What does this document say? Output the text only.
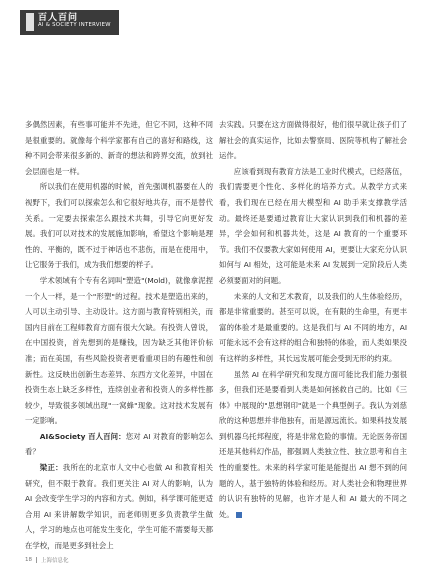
百人百问
AI & SOCIETY INTERVIEW

多偶然因素，有些事可能并不先进，但它不同，这种不同是很重要的。就像每个科学家都有自己的喜好和路线，这种不同会带来很多新的、新奇的想法和跨界交流，放到社会层面也是一样。

所以我们在使用机器的时候，首先强调机器要在人的视野下，我们可以探索怎么和它很好地共存，而不是替代关系。一定要去探索怎么跟技术共舞，引导它向更好发展。我们可以对技术的发展施加影响，希望这个影响是理性的、平衡的，既不过于神话也不悲伤，而是在使用中，让它服务于我们，成为我们想要的样子。

学术领域有个专有名词叫"塑造"(Mold)，就像拿泥捏一个人一样，是一个"形塑"的过程。技术是塑造出来的，人可以主动引导、主动设计。这方面与教育特别相关，而国内目前在工程师教育方面有很大欠缺。有投资人曾说，在中国投资，首先想到的是赚钱，因为缺乏其他评价标准；而在美国，有些风险投资者更看重项目的有趣性和创新性。这反映出创新生态差异、东西方文化差异，中国在投资生态上缺乏多样性，连续创业者和投资人的多样性都较少，导致很多领域出现"一窝蜂"现象。这对技术发展有一定影响。

AI&Society 百人百问：您对 AI 对教育的影响怎么看？

梁正：我所在的北京市人文中心也做 AI 和教育相关研究，但不限于教育。我们更关注 AI 对人的影响，认为 AI 会改变学生学习的内容和方式。例如，科学课可能更适合用 AI 来讲解数学知识，而老师则更多负责教学生做人，学习的地点也可能发生变化，学生可能不需要每天都在学校，而是更多到社会上

去实践。只要在这方面做得很好，他们很早就让孩子们了解社会的真实运作，比如去警察局、医院等机构了解社会运作。

应该看到现有教育方法是工业时代模式，已经落伍，我们需要更个性化、多样化的培养方式。从教学方式来看，我们现在已经在用大模型和 AI 助手来支撑教学活动。最终还是要通过教育让大家认识到我们和机器的差异，学会如何和机器共处，这是 AI 教育的一个重要环节。我们不仅要教大家如何使用 AI，更要让大家充分认识如何与 AI 相处，这可能是未来 AI 发展到一定阶段后人类必须要面对的问题。

未来的人文和艺术教育，以及我们的人生体验经历，都是非常重要的。甚至可以说，在有限的生命里，有更丰富的体验才是最重要的。这是我们与 AI 不同的地方，AI 可能永远不会有这样的组合和独特的体验，而人类如果没有这样的多样性，其长远发展可能会受到无形的约束。

虽然 AI 在科学研究和发现方面可能比我们能力强很多，但我们还是要看到人类是如何拯救自己的。比如《三体》中展现的"思想钢印"就是一个典型例子。我认为刘慈欣的这种思想并非他独有，而是源远流长。如果科技发展到机器乌托邦程度，将是非常危险的事情。无论医务帝国还是其他科幻作品，都强调人类独立性、独立思考和自主性的重要性。未来的科学家可能是能提出 AI 想不到的问题的人，基于独特的体验和经历。对人类社会和物理世界的认识有独特的见解，也许才是人和 AI 最大的不同之处。

18 上海信息化
